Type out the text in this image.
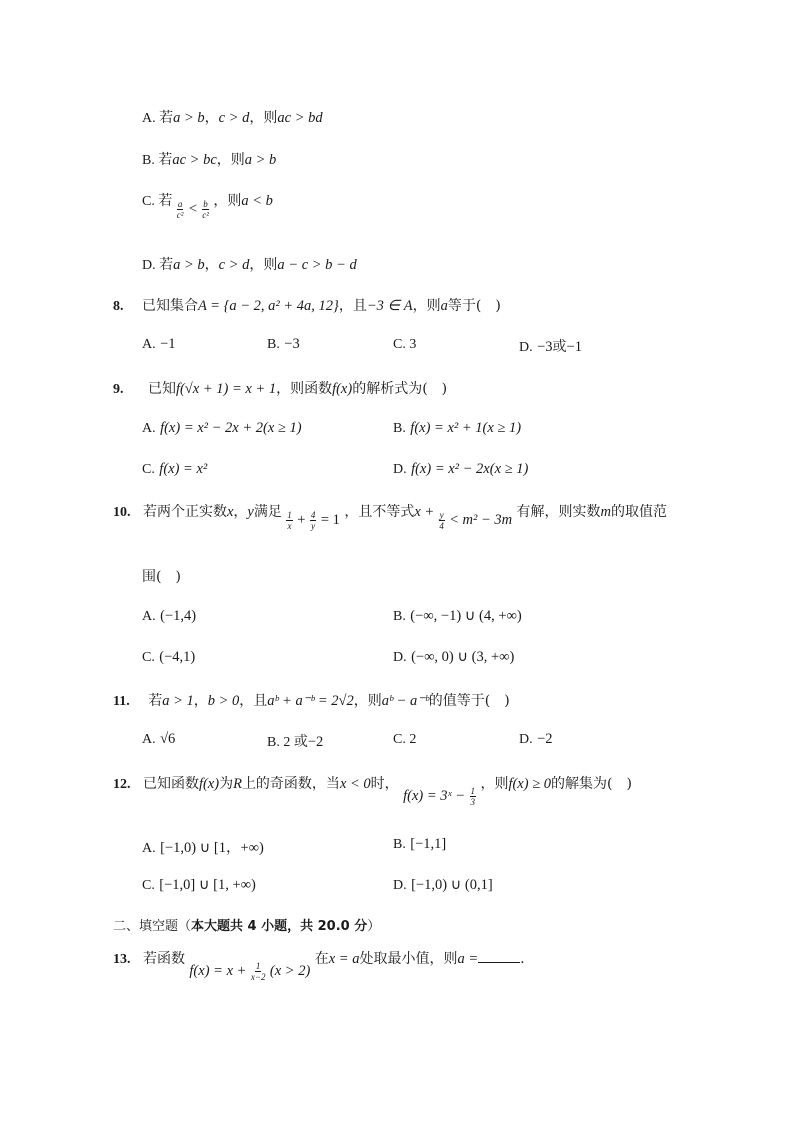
A. 若a > b，c > d，则ac > bd
B. 若ac > bc，则a > b
C. 若 $\frac{a}{\text{c²}} < \frac{b}{\text{c²}}$ ，则a < b
D. 若a > b，c > d，则a − c > b − d
8. 已知集合A = {a − 2, a² + 4a, 12}，且−3 ∈ A，则a等于(　)
A. −1	B. −3	C. 3	D. −3或−1
9. 已知f(√x + 1) = x + 1，则函数f(x)的解析式为(　)
A. f(x) = x² − 2x + 2(x ≥ 1)	B. f(x) = x² + 1(x ≥ 1)
C. f(x) = x²	D. f(x) = x² − 2x(x ≥ 1)
10. 若两个正实数x，y满足 $\frac{1}{x} + \frac{4}{y} = 1$ ，且不等式$x + \frac{y}{4} < m^2 - 3m$ 有解，则实数m的取值范
围(　)
A. (−1,4)	B. (−∞, −1) ∪ (4, +∞)
C. (−4,1)	D. (−∞, 0) ∪ (3, +∞)
11. 若a > 1，b > 0，且aᵇ + a⁻ᵇ = 2√2，则aᵇ − a⁻ᵇ的值等于(　)
A. √6	B. 2 或−2	C. 2	D. −2
12. 已知函数f(x)为R上的奇函数，当x < 0时， f(x) = 3ˣ − $\frac{1}{3}$
，则f(x) ≥ 0的解集为(　)
A. [−1,0) ∪ [1，+∞)	B. [−1,1]
C. [−1,0] ∪ [1, +∞)	D. [−1,0) ∪ (0,1]
二、填空题（本大题共 4 小题，共 20.0 分）
13. 若函数 $f(x) = x + \frac{1}{x-2} (x > 2)$ 在x = a处取最小值，则a =	.
